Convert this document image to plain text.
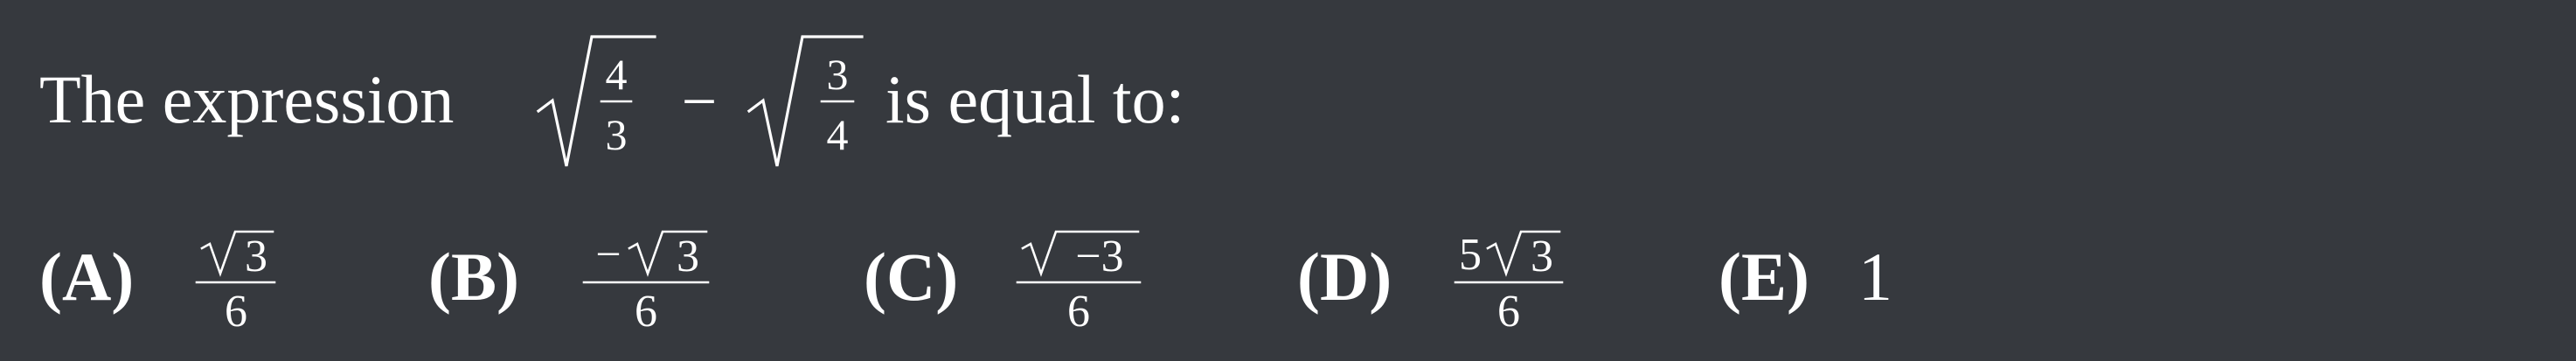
The expression	4
3 −	3
4 is equal to:
(A) 3
6	(B) − 3
6	(C)	−3
6	(D) 5 3
6	(E) 1
